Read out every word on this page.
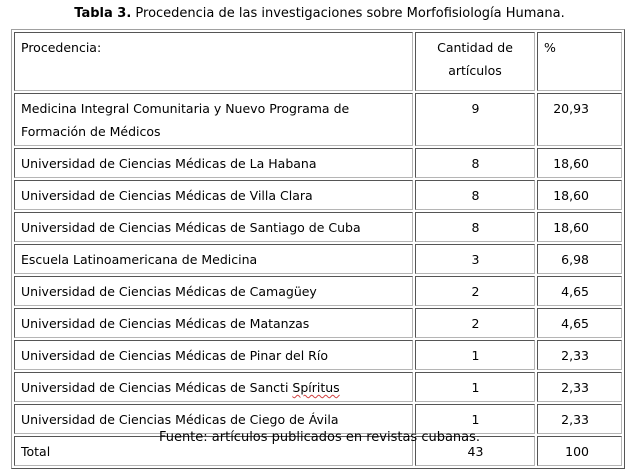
Tabla 3. Procedencia de las investigaciones sobre Morfofisiología Humana.
Procedencia:	Cantidad de artículos	%
Medicina Integral Comunitaria y Nuevo Programa de Formación de Médicos	9	20,93
Universidad de Ciencias Médicas de La Habana	8	18,60
Universidad de Ciencias Médicas de Villa Clara	8	18,60
Universidad de Ciencias Médicas de Santiago de Cuba	8	18,60
Escuela Latinoamericana de Medicina	3	6,98
Universidad de Ciencias Médicas de Camagüey	2	4,65
Universidad de Ciencias Médicas de Matanzas	2	4,65
Universidad de Ciencias Médicas de Pinar del Río	1	2,33
Universidad de Ciencias Médicas de Sancti Spíritus	1	2,33
Universidad de Ciencias Médicas de Ciego de Ávila	1	2,33
Total	43	100
Fuente: artículos publicados en revistas cubanas.
